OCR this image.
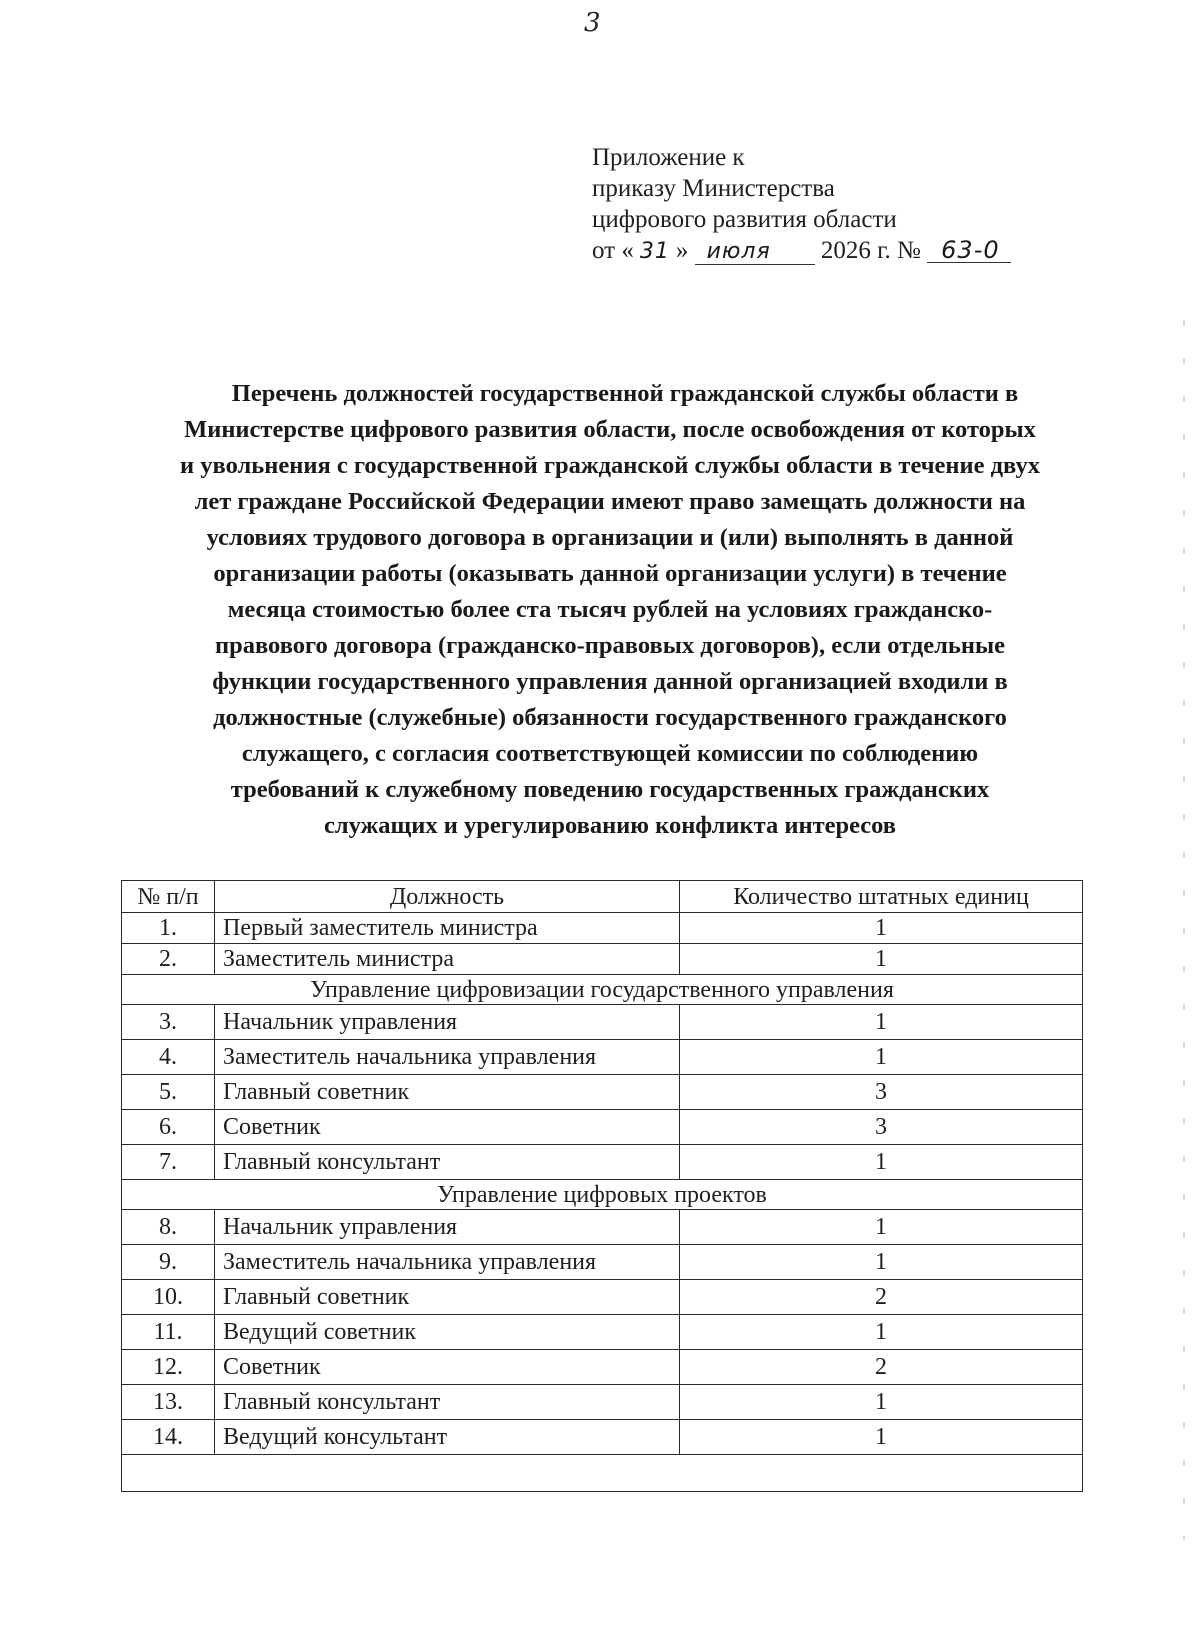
3
Приложение к
приказу Министерства
цифрового развития области
от « 31 » июля 2026 г. № 63-0
Перечень должностей государственной гражданской службы области в
Министерстве цифрового развития области, после освобождения от которых
и увольнения с государственной гражданской службы области в течение двух
лет граждане Российской Федерации имеют право замещать должности на
условиях трудового договора в организации и (или) выполнять в данной
организации работы (оказывать данной организации услуги) в течение
месяца стоимостью более ста тысяч рублей на условиях гражданско-
правового договора (гражданско-правовых договоров), если отдельные
функции государственного управления данной организацией входили в
должностные (служебные) обязанности государственного гражданского
служащего, с согласия соответствующей комиссии по соблюдению
требований к служебному поведению государственных гражданских
служащих и урегулированию конфликта интересов
№ п/п	Должность	Количество штатных единиц
1.	Первый заместитель министра	1
2.	Заместитель министра	1
Управление цифровизации государственного управления		
3.	Начальник управления	1
4.	Заместитель начальника управления	1
5.	Главный советник	3
6.	Советник	3
7.	Главный консультант	1
Управление цифровых проектов		
8.	Начальник управления	1
9.	Заместитель начальника управления	1
10.	Главный советник	2
11.	Ведущий советник	1
12.	Советник	2
13.	Главный консультант	1
14.	Ведущий консультант	1
